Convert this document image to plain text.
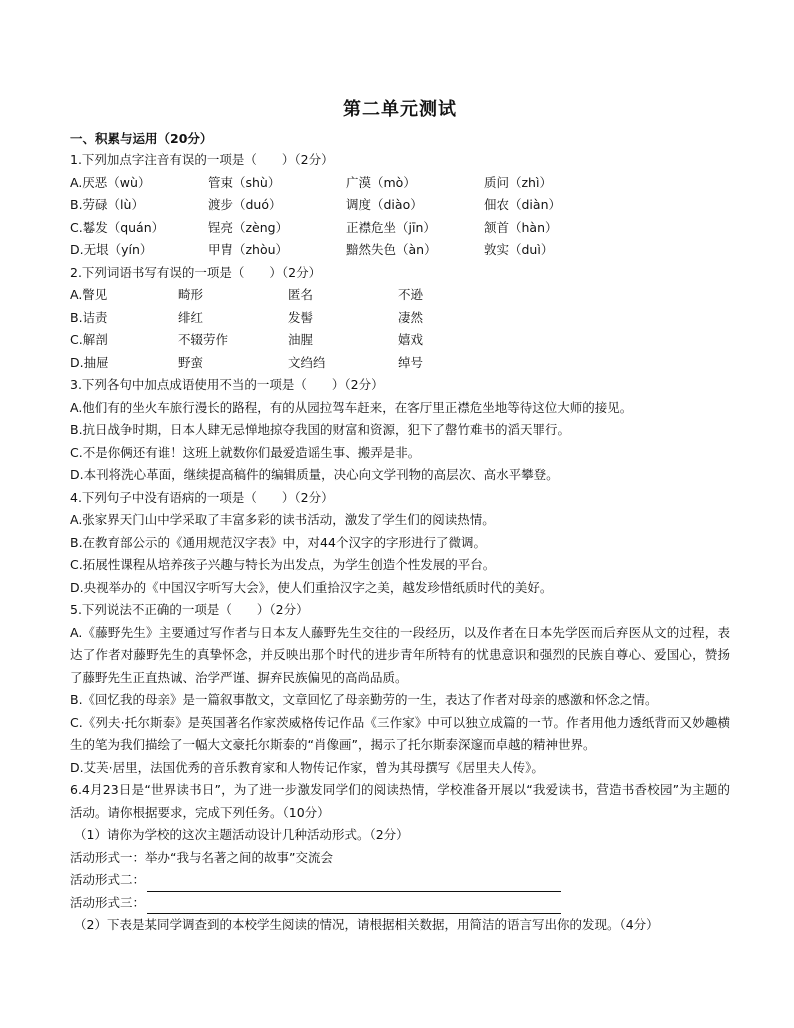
第二单元测试
一、积累与运用（20分）
1.下列加点字注音有误的一项是（　　）（2分）
A.厌恶（wù）	管束（shù）	广漠（mò）	质问（zhì）
B.劳碌（lù）	渡步（duó）	调度（diào）	佃农（diàn）
C.鬈发（quán）	锃亮（zèng）	正襟危坐（jīn）	颔首（hàn）
D.无垠（yín）	甲胄（zhòu）	黯然失色（àn）	敦实（duì）
2.下列词语书写有误的一项是（　　）（2分）
A.瞥见	畸形	匿名	不逊
B.诘责	绯红	发髻	凄然
C.解剖	不辍劳作	油腥	嬉戏
D.抽屉	野蛮	文绉绉	绰号
3.下列各句中加点成语使用不当的一项是（　　）（2分）
A.他们有的坐火车旅行漫长的路程，有的从园拉驾车赶来，在客厅里正襟危坐地等待这位大师的接见。
B.抗日战争时期，日本人肆无忌惮地掠夺我国的财富和资源，犯下了罄竹难书的滔天罪行。
C.不是你俩还有谁！这班上就数你们最爱造谣生事、搬弄是非。
D.本刊将洗心革面，继续提高稿件的编辑质量，决心向文学刊物的高层次、高水平攀登。
4.下列句子中没有语病的一项是（　　）（2分）
A.张家界天门山中学采取了丰富多彩的读书活动，激发了学生们的阅读热情。
B.在教育部公示的《通用规范汉字表》中，对44个汉字的字形进行了微调。
C.拓展性课程从培养孩子兴趣与特长为出发点，为学生创造个性发展的平台。
D.央视举办的《中国汉字听写大会》，使人们重拾汉字之美，越发珍惜纸质时代的美好。
5.下列说法不正确的一项是（　　）（2分）
A.《藤野先生》主要通过写作者与日本友人藤野先生交往的一段经历，以及作者在日本先学医而后弃医从文的过程，表达了作者对藤野先生的真挚怀念，并反映出那个时代的进步青年所特有的忧患意识和强烈的民族自尊心、爱国心，赞扬了藤野先生正直热诚、治学严谨、摒弃民族偏见的高尚品质。
B.《回忆我的母亲》是一篇叙事散文，文章回忆了母亲勤劳的一生，表达了作者对母亲的感激和怀念之情。
C.《列夫·托尔斯泰》是英国著名作家茨威格传记作品《三作家》中可以独立成篇的一节。作者用他力透纸背而又妙趣横生的笔为我们描绘了一幅大文豪托尔斯泰的“肖像画”，揭示了托尔斯泰深邃而卓越的精神世界。
D.艾芙·居里，法国优秀的音乐教育家和人物传记作家，曾为其母撰写《居里夫人传》。
6.4月23日是“世界读书日”，为了进一步激发同学们的阅读热情，学校准备开展以“我爱读书，营造书香校园”为主题的活动。请你根据要求，完成下列任务。（10分）
（1）请你为学校的这次主题活动设计几种活动形式。（2分）
活动形式一： 举办“我与名著之间的故事”交流会
活动形式二：
活动形式三：
（2）下表是某同学调查到的本校学生阅读的情况，请根据相关数据，用简洁的语言写出你的发现。（4分）
